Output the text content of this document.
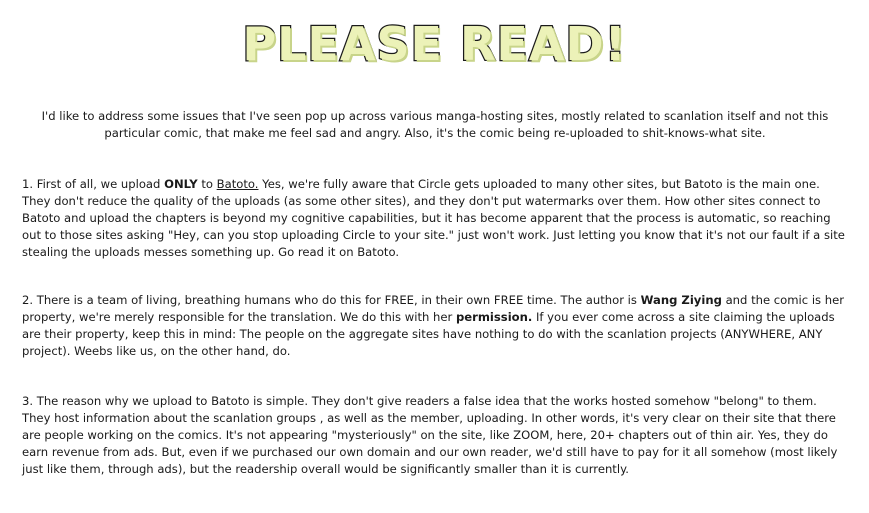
PLEASE READ!
I'd like to address some issues that I've seen pop up across various manga-hosting sites, mostly related to scanlation itself and not this particular comic, that make me feel sad and angry. Also, it's the comic being re-uploaded to shit-knows-what site.
1. First of all, we upload ONLY to Batoto. Yes, we're fully aware that Circle gets uploaded to many other sites, but Batoto is the main one. They don't reduce the quality of the uploads (as some other sites), and they don't put watermarks over them. How other sites connect to Batoto and upload the chapters is beyond my cognitive capabilities, but it has become apparent that the process is automatic, so reaching out to those sites asking "Hey, can you stop uploading Circle to your site." just won't work. Just letting you know that it's not our fault if a site stealing the uploads messes something up. Go read it on Batoto.
2. There is a team of living, breathing humans who do this for FREE, in their own FREE time. The author is Wang Ziying and the comic is her property, we're merely responsible for the translation. We do this with her permission. If you ever come across a site claiming the uploads are their property, keep this in mind: The people on the aggregate sites have nothing to do with the scanlation projects (ANYWHERE, ANY project). Weebs like us, on the other hand, do.
3. The reason why we upload to Batoto is simple. They don't give readers a false idea that the works hosted somehow "belong" to them. They host information about the scanlation groups , as well as the member, uploading. In other words, it's very clear on their site that there are people working on the comics. It's not appearing "mysteriously" on the site, like ZOOM, here, 20+ chapters out of thin air. Yes, they do earn revenue from ads. But, even if we purchased our own domain and our own reader, we'd still have to pay for it all somehow (most likely just like them, through ads), but the readership overall would be significantly smaller than it is currently.
